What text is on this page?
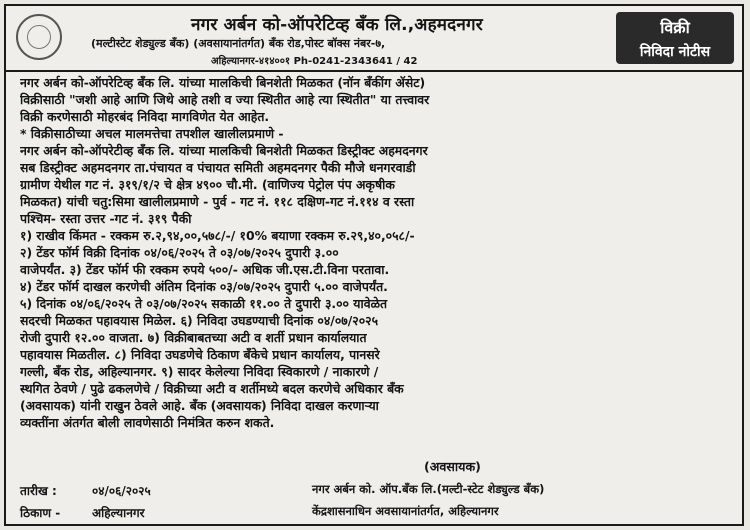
नगर अर्बन को-ऑपरेटिव्ह बँक लि.,अहमदनगर
(मल्टीस्टेट शेड्युल्ड बँक) (अवसायानांतर्गत) बँक रोड,पोस्ट बॉक्स नंबर-७,
अहिल्यानगर-४१४००१ Ph-0241-2343641 / 42
विक्री
निविदा नोटीस
नगर अर्बन को-ऑपरेटिव्ह बँक लि. यांच्या मालकिची बिनशेती मिळकत (नॉन बँकींग ॲसेट)
विक्रीसाठी "जशी आहे आणि जिथे आहे तशी व ज्या स्थितीत आहे त्या स्थितीत" या तत्त्वावर
विक्री करणेसाठी मोहरबंद निविदा मागविणेत येत आहेत.
* विक्रीसाठीच्या अचल मालमत्तेचा तपशील खालीलप्रमाणे -
नगर अर्बन को-ऑपरेटीव्ह बँक लि. यांच्या मालकिची बिनशेती मिळकत डिस्ट्रीक्ट अहमदनगर
सब डिस्ट्रीक्ट अहमदनगर ता.पंचायत व पंचायत समिती अहमदनगर पैकी मौजे धनगरवाडी
ग्रामीण येथील गट नं. ३१९/१/२ चे क्षेत्र ४९०० चौ.मी. (वाणिज्य पेट्रोल पंप अकृषीक
मिळकत) यांची चतु:सिमा खालीलप्रमाणे - पुर्व - गट नं. ११८ दक्षिण-गट नं.११४ व रस्ता
पश्चिम- रस्ता उत्तर -गट नं. ३१९ पैकी
१) राखीव किंमत - रक्कम रु.२,९४,००,५७८/-/ १0% बयाणा रक्कम रु.२९,४०,०५८/-
२) टेंडर फॉर्म विक्री दिनांक ०४/०६/२०२५ ते ०३/०७/२०२५ दुपारी ३.००
वाजेपर्यंत. ३) टेंडर फॉर्म फी रक्कम रुपये ५००/- अधिक जी.एस.टी.विना परतावा.
४) टेंडर फॉर्म दाखल करणेची अंतिम दिनांक ०३/०७/२०२५ दुपारी ५.०० वाजेपर्यंत.
५) दिनांक ०४/०६/२०२५ ते ०३/०७/२०२५ सकाळी ११.०० ते दुपारी ३.०० यावेळेत
सदरची मिळकत पहावयास मिळेल. ६) निविदा उघडण्याची दिनांक ०४/०७/२०२५
रोजी दुपारी १२.०० वाजता. ७) विक्रीबाबतच्या अटी व शर्ती प्रधान कार्यालयात
पहावयास मिळतील. ८) निविदा उघडणेचे ठिकाण बँकेचे प्रधान कार्यालय, पानसरे
गल्ली, बँक रोड, अहिल्यानगर. ९) सादर केलेल्या निविदा स्विकारणे / नाकारणे /
स्थगित ठेवणे / पुढे ढकलणेचे / विक्रीच्या अटी व शर्तीमध्ये बदल करणेचे अधिकार बँक
(अवसायक) यांनी राखुन ठेवले आहे. बँक (अवसायक) निविदा दाखल करणाऱ्या
व्यक्तींना अंतर्गत बोली लावणेसाठी निमंत्रित करुन शकते.
(अवसायक)
तारीख :	०४/०६/२०२५	नगर अर्बन को. ऑप.बँक लि.(मल्टी-स्टेट शेड्युल्ड बँक)
ठिकाण -	अहिल्यानगर	केंद्रशासनाधिन अवसायानांतर्गत, अहिल्यानगर
